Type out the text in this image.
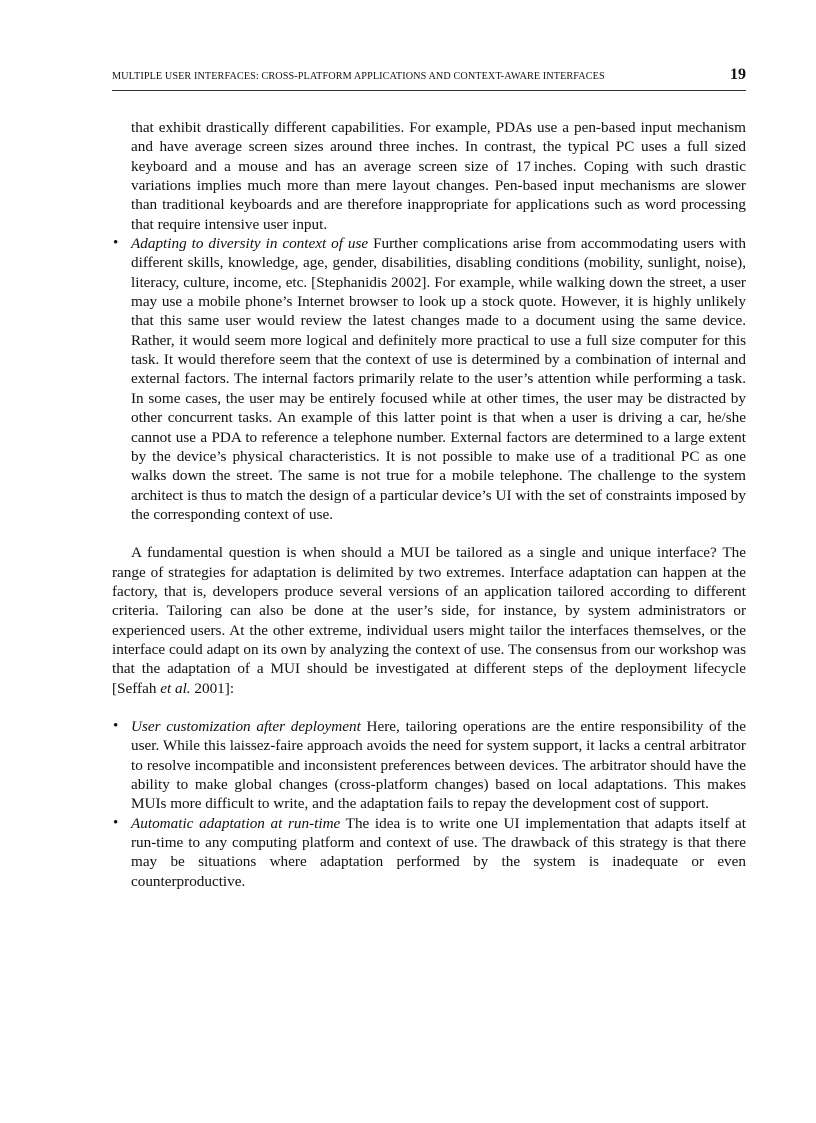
MULTIPLE USER INTERFACES: CROSS-PLATFORM APPLICATIONS AND CONTEXT-AWARE INTERFACES	19

that exhibit drastically different capabilities. For example, PDAs use a pen-based input mechanism and have average screen sizes around three inches. In contrast, the typical PC uses a full sized keyboard and a mouse and has an average screen size of 17 inches. Coping with such drastic variations implies much more than mere layout changes. Pen-based input mechanisms are slower than traditional keyboards and are therefore inappropriate for applications such as word processing that require intensive user input.

• Adapting to diversity in context of use Further complications arise from accommodating users with different skills, knowledge, age, gender, disabilities, disabling conditions (mobility, sunlight, noise), literacy, culture, income, etc. [Stephanidis 2002]. For example, while walking down the street, a user may use a mobile phone’s Internet browser to look up a stock quote. However, it is highly unlikely that this same user would review the latest changes made to a document using the same device. Rather, it would seem more logical and definitely more practical to use a full size computer for this task. It would therefore seem that the context of use is determined by a combination of internal and external factors. The internal factors primarily relate to the user’s attention while performing a task. In some cases, the user may be entirely focused while at other times, the user may be distracted by other concurrent tasks. An example of this latter point is that when a user is driving a car, he/she cannot use a PDA to reference a telephone number. External factors are determined to a large extent by the device’s physical characteristics. It is not possible to make use of a traditional PC as one walks down the street. The same is not true for a mobile telephone. The challenge to the system architect is thus to match the design of a particular device’s UI with the set of constraints imposed by the corresponding context of use.

A fundamental question is when should a MUI be tailored as a single and unique interface? The range of strategies for adaptation is delimited by two extremes. Interface adaptation can happen at the factory, that is, developers produce several versions of an application tailored according to different criteria. Tailoring can also be done at the user’s side, for instance, by system administrators or experienced users. At the other extreme, individual users might tailor the interfaces themselves, or the interface could adapt on its own by analyzing the context of use. The consensus from our workshop was that the adaptation of a MUI should be investigated at different steps of the deployment lifecycle [Seffah et al. 2001]:

• User customization after deployment Here, tailoring operations are the entire responsibility of the user. While this laissez-faire approach avoids the need for system support, it lacks a central arbitrator to resolve incompatible and inconsistent preferences between devices. The arbitrator should have the ability to make global changes (cross-platform changes) based on local adaptations. This makes MUIs more difficult to write, and the adaptation fails to repay the development cost of support.

• Automatic adaptation at run-time The idea is to write one UI implementation that adapts itself at run-time to any computing platform and context of use. The drawback of this strategy is that there may be situations where adaptation performed by the system is inadequate or even counterproductive.
